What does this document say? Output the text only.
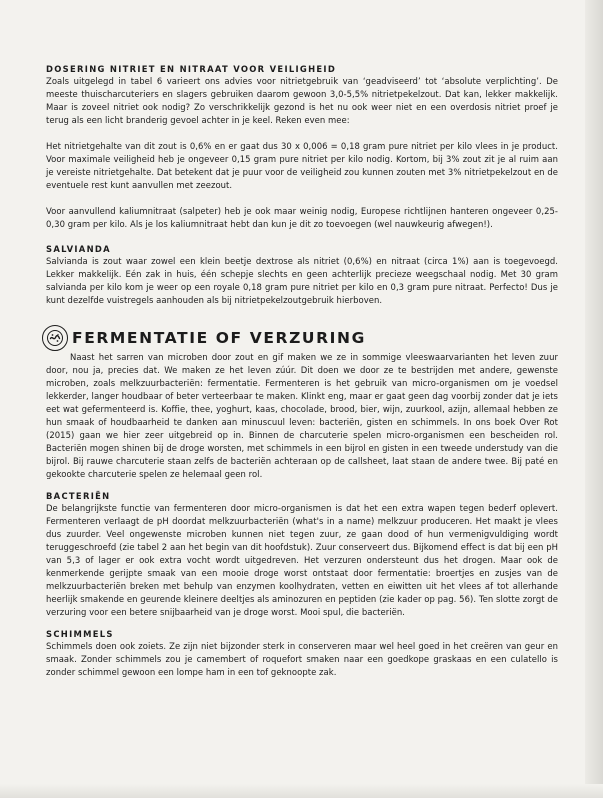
DOSERING NITRIET EN NITRAAT VOOR VEILIGHEID

Zoals uitgelegd in tabel 6 varieert ons advies voor nitrietgebruik van ‘geadviseerd’ tot ‘absolute verplichting’. De meeste thuischarcuteriers en slagers gebruiken daarom gewoon 3,0-5,5% nitrietpekelzout. Dat kan, lekker makkelijk. Maar is zoveel nitriet ook nodig? Zo verschrikkelijk gezond is het nu ook weer niet en een overdosis nitriet proef je terug als een licht branderig gevoel achter in je keel. Reken even mee:

Het nitrietgehalte van dit zout is 0,6% en er gaat dus 30 x 0,006 = 0,18 gram pure nitriet per kilo vlees in je product. Voor maximale veiligheid heb je ongeveer 0,15 gram pure nitriet per kilo nodig. Kortom, bij 3% zout zit je al ruim aan je vereiste nitrietgehalte. Dat betekent dat je puur voor de veiligheid zou kunnen zouten met 3% nitrietpekelzout en de eventuele rest kunt aanvullen met zeezout.

Voor aanvullend kaliumnitraat (salpeter) heb je ook maar weinig nodig, Europese richtlijnen hanteren ongeveer 0,25-0,30 gram per kilo. Als je los kaliumnitraat hebt dan kun je dit zo toevoegen (wel nauwkeurig afwegen!).

SALVIANDA

Salvianda is zout waar zowel een klein beetje dextrose als nitriet (0,6%) en nitraat (circa 1%) aan is toegevoegd. Lekker makkelijk. Eén zak in huis, één schepje slechts en geen achterlijk precieze weegschaal nodig. Met 30 gram salvianda per kilo kom je weer op een royale 0,18 gram pure nitriet per kilo en 0,3 gram pure nitraat. Perfecto! Dus je kunt dezelfde vuistregels aanhouden als bij nitrietpekelzoutgebruik hierboven.

FERMENTATIE OF VERZURING

Naast het sarren van microben door zout en gif maken we ze in sommige vleeswaarvarianten het leven zuur door, nou ja, precies dat. We maken ze het leven zúúr. Dit doen we door ze te bestrijden met andere, gewenste microben, zoals melkzuurbacteriën: fermentatie. Fermenteren is het gebruik van micro-organismen om je voedsel lekkerder, langer houdbaar of beter verteerbaar te maken. Klinkt eng, maar er gaat geen dag voorbij zonder dat je iets eet wat gefermenteerd is. Koffie, thee, yoghurt, kaas, chocolade, brood, bier, wijn, zuurkool, azijn, allemaal hebben ze hun smaak of houdbaarheid te danken aan minuscuul leven: bacteriën, gisten en schimmels. In ons boek Over Rot (2015) gaan we hier zeer uitgebreid op in. Binnen de charcuterie spelen micro-organismen een bescheiden rol. Bacteriën mogen shinen bij de droge worsten, met schimmels in een bijrol en gisten in een tweede understudy van die bijrol. Bij rauwe charcuterie staan zelfs de bacteriën achteraan op de callsheet, laat staan de andere twee. Bij paté en gekookte charcuterie spelen ze helemaal geen rol.

BACTERIËN

De belangrijkste functie van fermenteren door micro-organismen is dat het een extra wapen tegen bederf oplevert. Fermenteren verlaagt de pH doordat melkzuurbacteriën (what's in a name) melkzuur produceren. Het maakt je vlees dus zuurder. Veel ongewenste microben kunnen niet tegen zuur, ze gaan dood of hun vermenigvuldiging wordt teruggeschroefd (zie tabel 2 aan het begin van dit hoofdstuk). Zuur conserveert dus. Bijkomend effect is dat bij een pH van 5,3 of lager er ook extra vocht wordt uitgedreven. Het verzuren ondersteunt dus het drogen. Maar ook de kenmerkende gerijpte smaak van een mooie droge worst ontstaat door fermentatie: broertjes en zusjes van de melkzuurbacteriën breken met behulp van enzymen koolhydraten, vetten en eiwitten uit het vlees af tot allerhande heerlijk smakende en geurende kleinere deeltjes als aminozuren en peptiden (zie kader op pag. 56). Ten slotte zorgt de verzuring voor een betere snijbaarheid van je droge worst. Mooi spul, die bacteriën.

SCHIMMELS

Schimmels doen ook zoiets. Ze zijn niet bijzonder sterk in conserveren maar wel heel goed in het creëren van geur en smaak. Zonder schimmels zou je camembert of roquefort smaken naar een goedkope graskaas en een culatello is zonder schimmel gewoon een lompe ham in een tof geknoopte zak.
